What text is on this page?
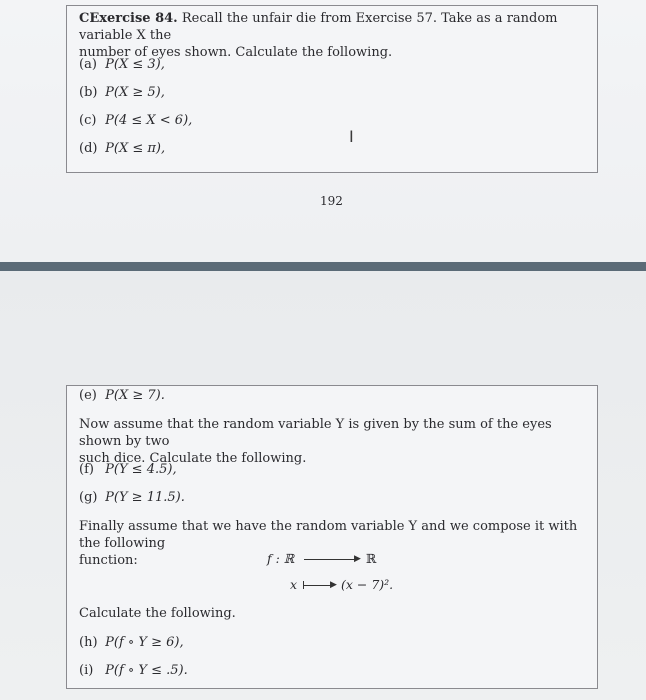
CExercise 84. Recall the unfair die from Exercise 57. Take as a random variable X the

number of eyes shown. Calculate the following.

(a) P(X ≤ 3),
(b) P(X ≥ 5),
(c) P(4 ≤ X < 6),
(d) P(X ≤ π),
I
192
(e) P(X ≥ 7).

Now assume that the random variable Y is given by the sum of the eyes shown by two

such dice. Calculate the following.

(f) P(Y ≤ 4.5),
(g) P(Y ≥ 11.5).

Finally assume that we have the random variable Y and we compose it with the following

function:	f : ℝ	▶ ℝ
x	▶ (x − 7)².

Calculate the following.

(h) P(f ∘ Y ≥ 6),
(i) P(f ∘ Y ≤ .5).
